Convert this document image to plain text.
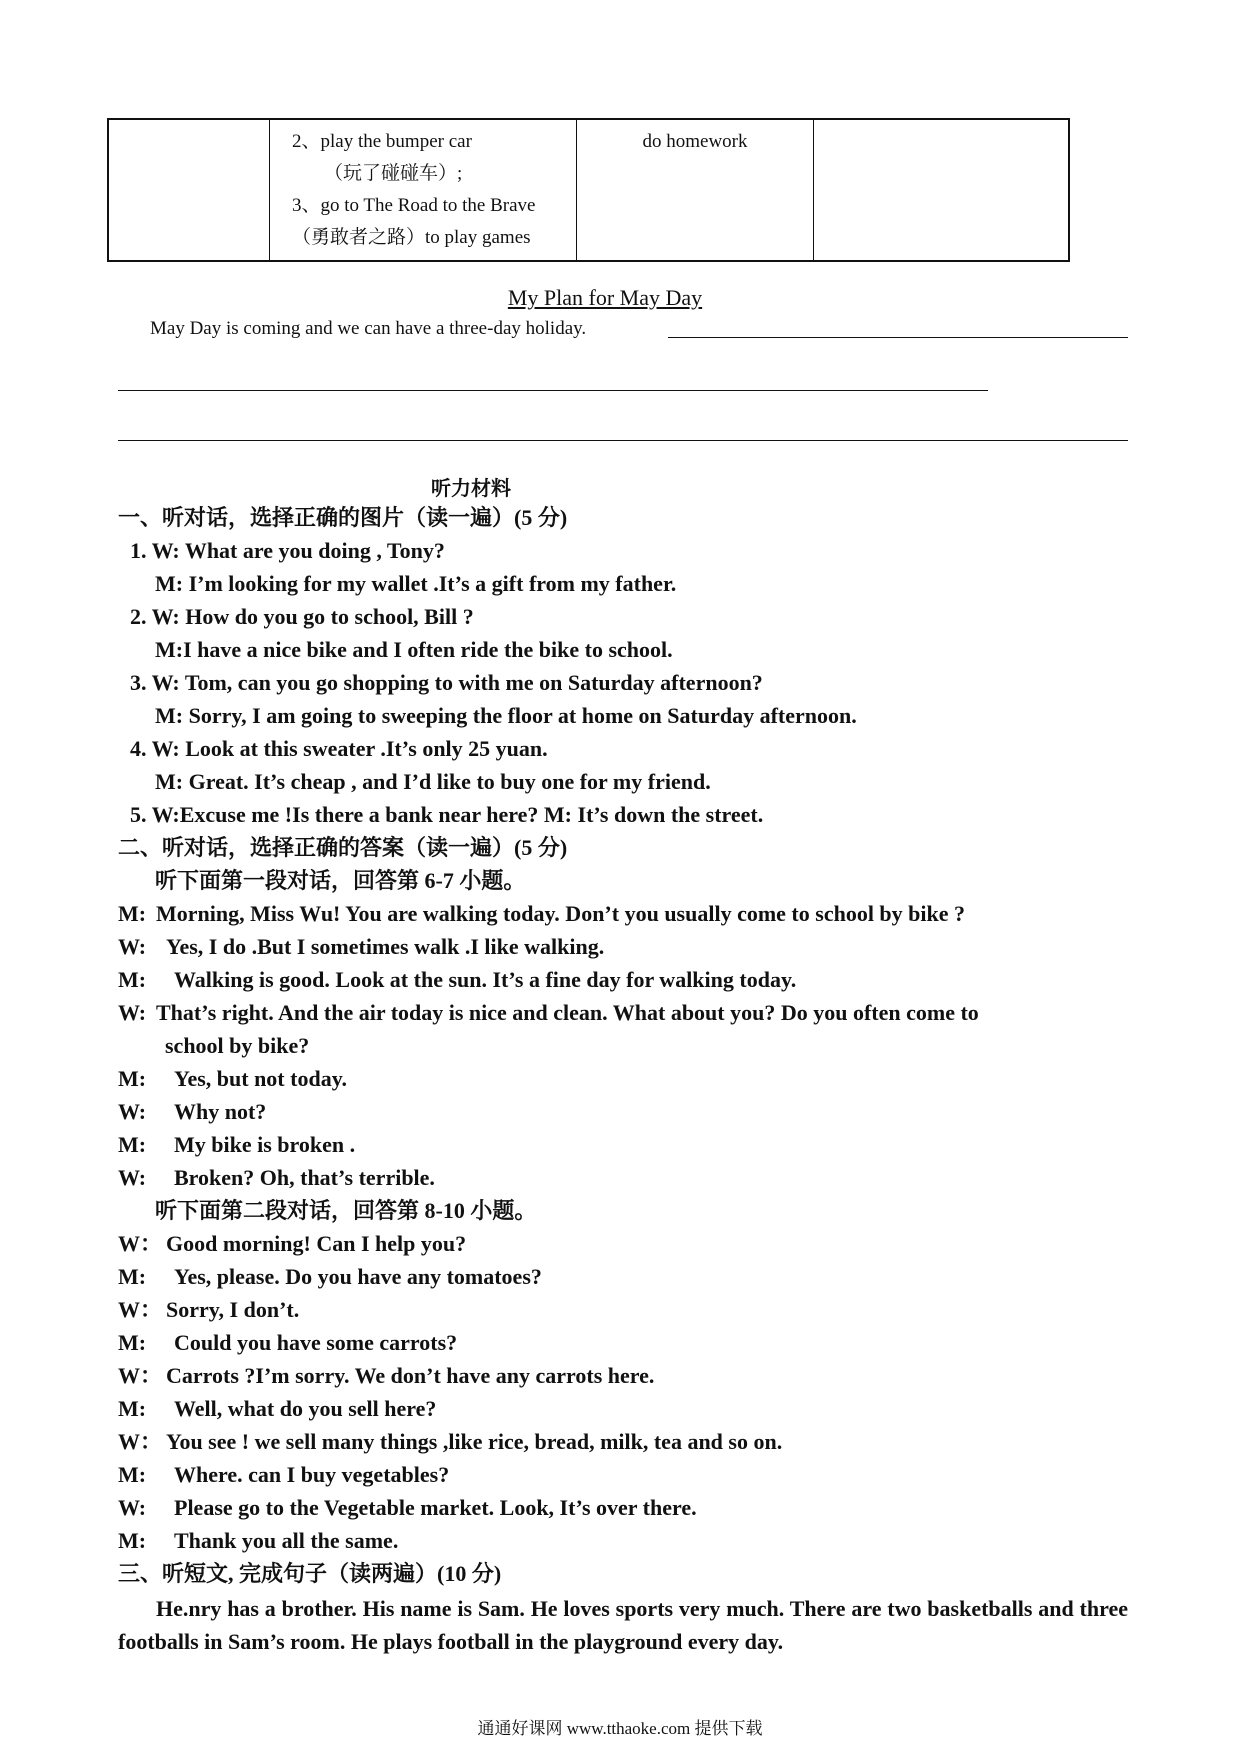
2、play the bumper car
（玩了碰碰车）;
3、go to The Road to the Brave
（勇敢者之路）to play games
	do homework	
My Plan for May Day
May Day is coming and we can have a three-day holiday.
听力材料
一、听对话，选择正确的图片（读一遍）(5 分)
1. W: What are you doing , Tony?
M: I’m looking for my wallet .It’s a gift from my father.
2. W: How do you go to school, Bill ?
M:I have a nice bike and I often ride the bike to school.
3. W: Tom, can you go shopping to with me on Saturday afternoon?
M: Sorry, I am going to sweeping the floor at home on Saturday afternoon.
4. W: Look at this sweater .It’s only 25 yuan.
M: Great. It’s cheap , and I’d like to buy one for my friend.
5. W:Excuse me !Is there a bank near here? M: It’s down the street.
二、听对话，选择正确的答案（读一遍）(5 分)
听下面第一段对话，回答第 6-7 小题。
M: Morning, Miss Wu! You are walking today. Don’t you usually come to school by bike ?
W: Yes, I do .But I sometimes walk .I like walking.
M: Walking is good. Look at the sun. It’s a fine day for walking today.
W: That’s right. And the air today is nice and clean. What about you? Do you often come to
school by bike?
M: Yes, but not today.
W: Why not?
M: My bike is broken .
W: Broken? Oh, that’s terrible.
听下面第二段对话，回答第 8-10 小题。
W： Good morning! Can I help you?
M: Yes, please. Do you have any tomatoes?
W： Sorry, I don’t.
M: Could you have some carrots?
W： Carrots ?I’m sorry. We don’t have any carrots here.
M: Well, what do you sell here?
W： You see ! we sell many things ,like rice, bread, milk, tea and so on.
M: Where. can I buy vegetables?
W: Please go to the Vegetable market. Look, It’s over there.
M: Thank you all the same.
三、听短文, 完成句子（读两遍）(10 分)
He.nry has a brother. His name is Sam. He loves sports very much. There are two basketballs and three footballs in Sam’s room. He plays football in the playground every day.
通通好课网 www.tthaoke.com 提供下载
